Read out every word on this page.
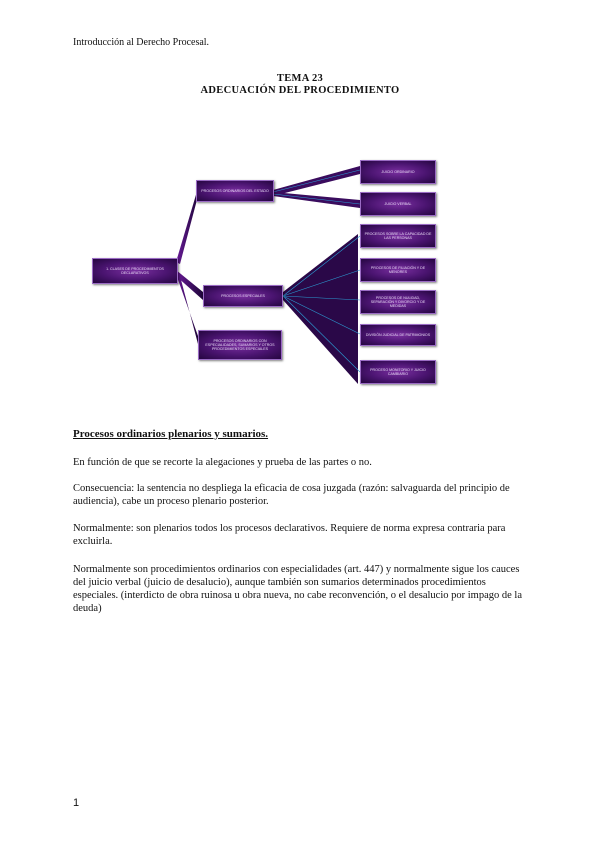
Introducción al Derecho Procesal.
TEMA 23
ADECUACIÓN DEL PROCEDIMIENTO
1. CLASES DE PROCEDIMIENTOS DECLARATIVOS
PROCESOS ORDINARIOS DEL ESTADO
JUICIO ORDINARIO
JUICIO VERBAL
PROCESOS ESPECIALES
PROCESOS SOBRE LA CAPACIDAD DE LAS PERSONAS
PROCESOS DE FILIACIÓN Y DE MENORES
PROCESOS DE NULIDAD, SEPARACIÓN Y DIVORCIO Y DE MEDIDAS
DIVISIÓN JUDICIAL DE PATRIMONIOS
PROCESO MONITORIO Y JUICIO CAMBIARIO
PROCESOS ORDINARIOS CON ESPECIALIDADES, SUMARIOS Y OTROS PROCEDIMIENTOS ESPECIALES
Procesos ordinarios plenarios y sumarios.
En función de que se recorte la alegaciones y prueba de las partes o no.
Consecuencia: la sentencia no despliega la eficacia de cosa juzgada (razón: salvaguarda del principio de audiencia), cabe un proceso plenario posterior.
Normalmente: son plenarios todos los procesos declarativos. Requiere de norma expresa contraria para excluirla.
Normalmente son procedimientos ordinarios con especialidades (art. 447) y normalmente sigue los cauces del juicio verbal (juicio de desalucio), aunque también son sumarios determinados procedimientos especiales. (interdicto de obra ruinosa u obra nueva, no cabe reconvención, o el desalucio por impago de la deuda)
1
